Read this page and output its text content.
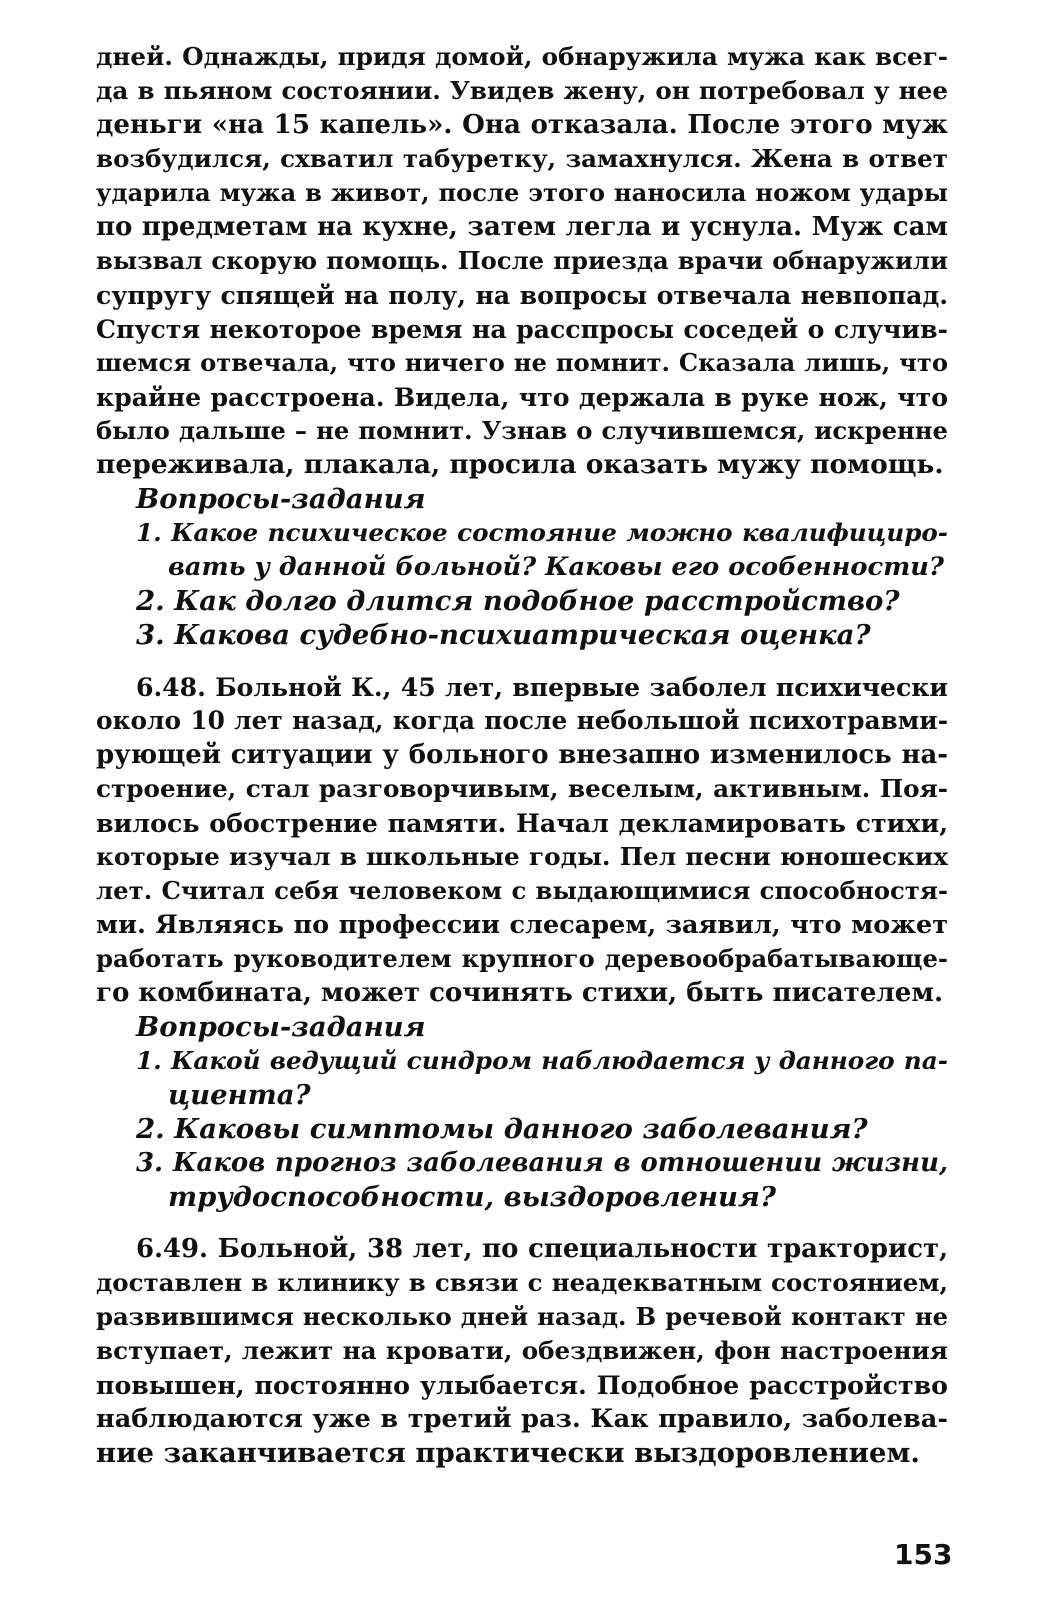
дней. Однажды, придя домой, обнаружила мужа как всег-
да в пьяном состоянии. Увидев жену, он потребовал у нее
деньги «на 15 капель». Она отказала. После этого муж
возбудился, схватил табуретку, замахнулся. Жена в ответ
ударила мужа в живот, после этого наносила ножом удары
по предметам на кухне, затем легла и уснула. Муж сам
вызвал скорую помощь. После приезда врачи обнаружили
супругу спящей на полу, на вопросы отвечала невпопад.
Спустя некоторое время на расспросы соседей о случив-
шемся отвечала, что ничего не помнит. Сказала лишь, что
крайне расстроена. Видела, что держала в руке нож, что
было дальше – не помнит. Узнав о случившемся, искренне
переживала, плакала, просила оказать мужу помощь.
Вопросы-задания
1. Какое психическое состояние можно квалифициро-
вать у данной больной? Каковы его особенности?
2. Как долго длится подобное расстройство?
3. Какова судебно-психиатрическая оценка?
6.48. Больной К., 45 лет, впервые заболел психически
около 10 лет назад, когда после небольшой психотравми-
рующей ситуации у больного внезапно изменилось на-
строение, стал разговорчивым, веселым, активным. Поя-
вилось обострение памяти. Начал декламировать стихи,
которые изучал в школьные годы. Пел песни юношеских
лет. Считал себя человеком с выдающимися способностя-
ми. Являясь по профессии слесарем, заявил, что может
работать руководителем крупного деревообрабатывающе-
го комбината, может сочинять стихи, быть писателем.
Вопросы-задания
1. Какой ведущий синдром наблюдается у данного па-
циента?
2. Каковы симптомы данного заболевания?
3. Каков прогноз заболевания в отношении жизни,
трудоспособности, выздоровления?
6.49. Больной, 38 лет, по специальности тракторист,
доставлен в клинику в связи с неадекватным состоянием,
развившимся несколько дней назад. В речевой контакт не
вступает, лежит на кровати, обездвижен, фон настроения
повышен, постоянно улыбается. Подобное расстройство
наблюдаются уже в третий раз. Как правило, заболева-
ние заканчивается практически выздоровлением.
153
